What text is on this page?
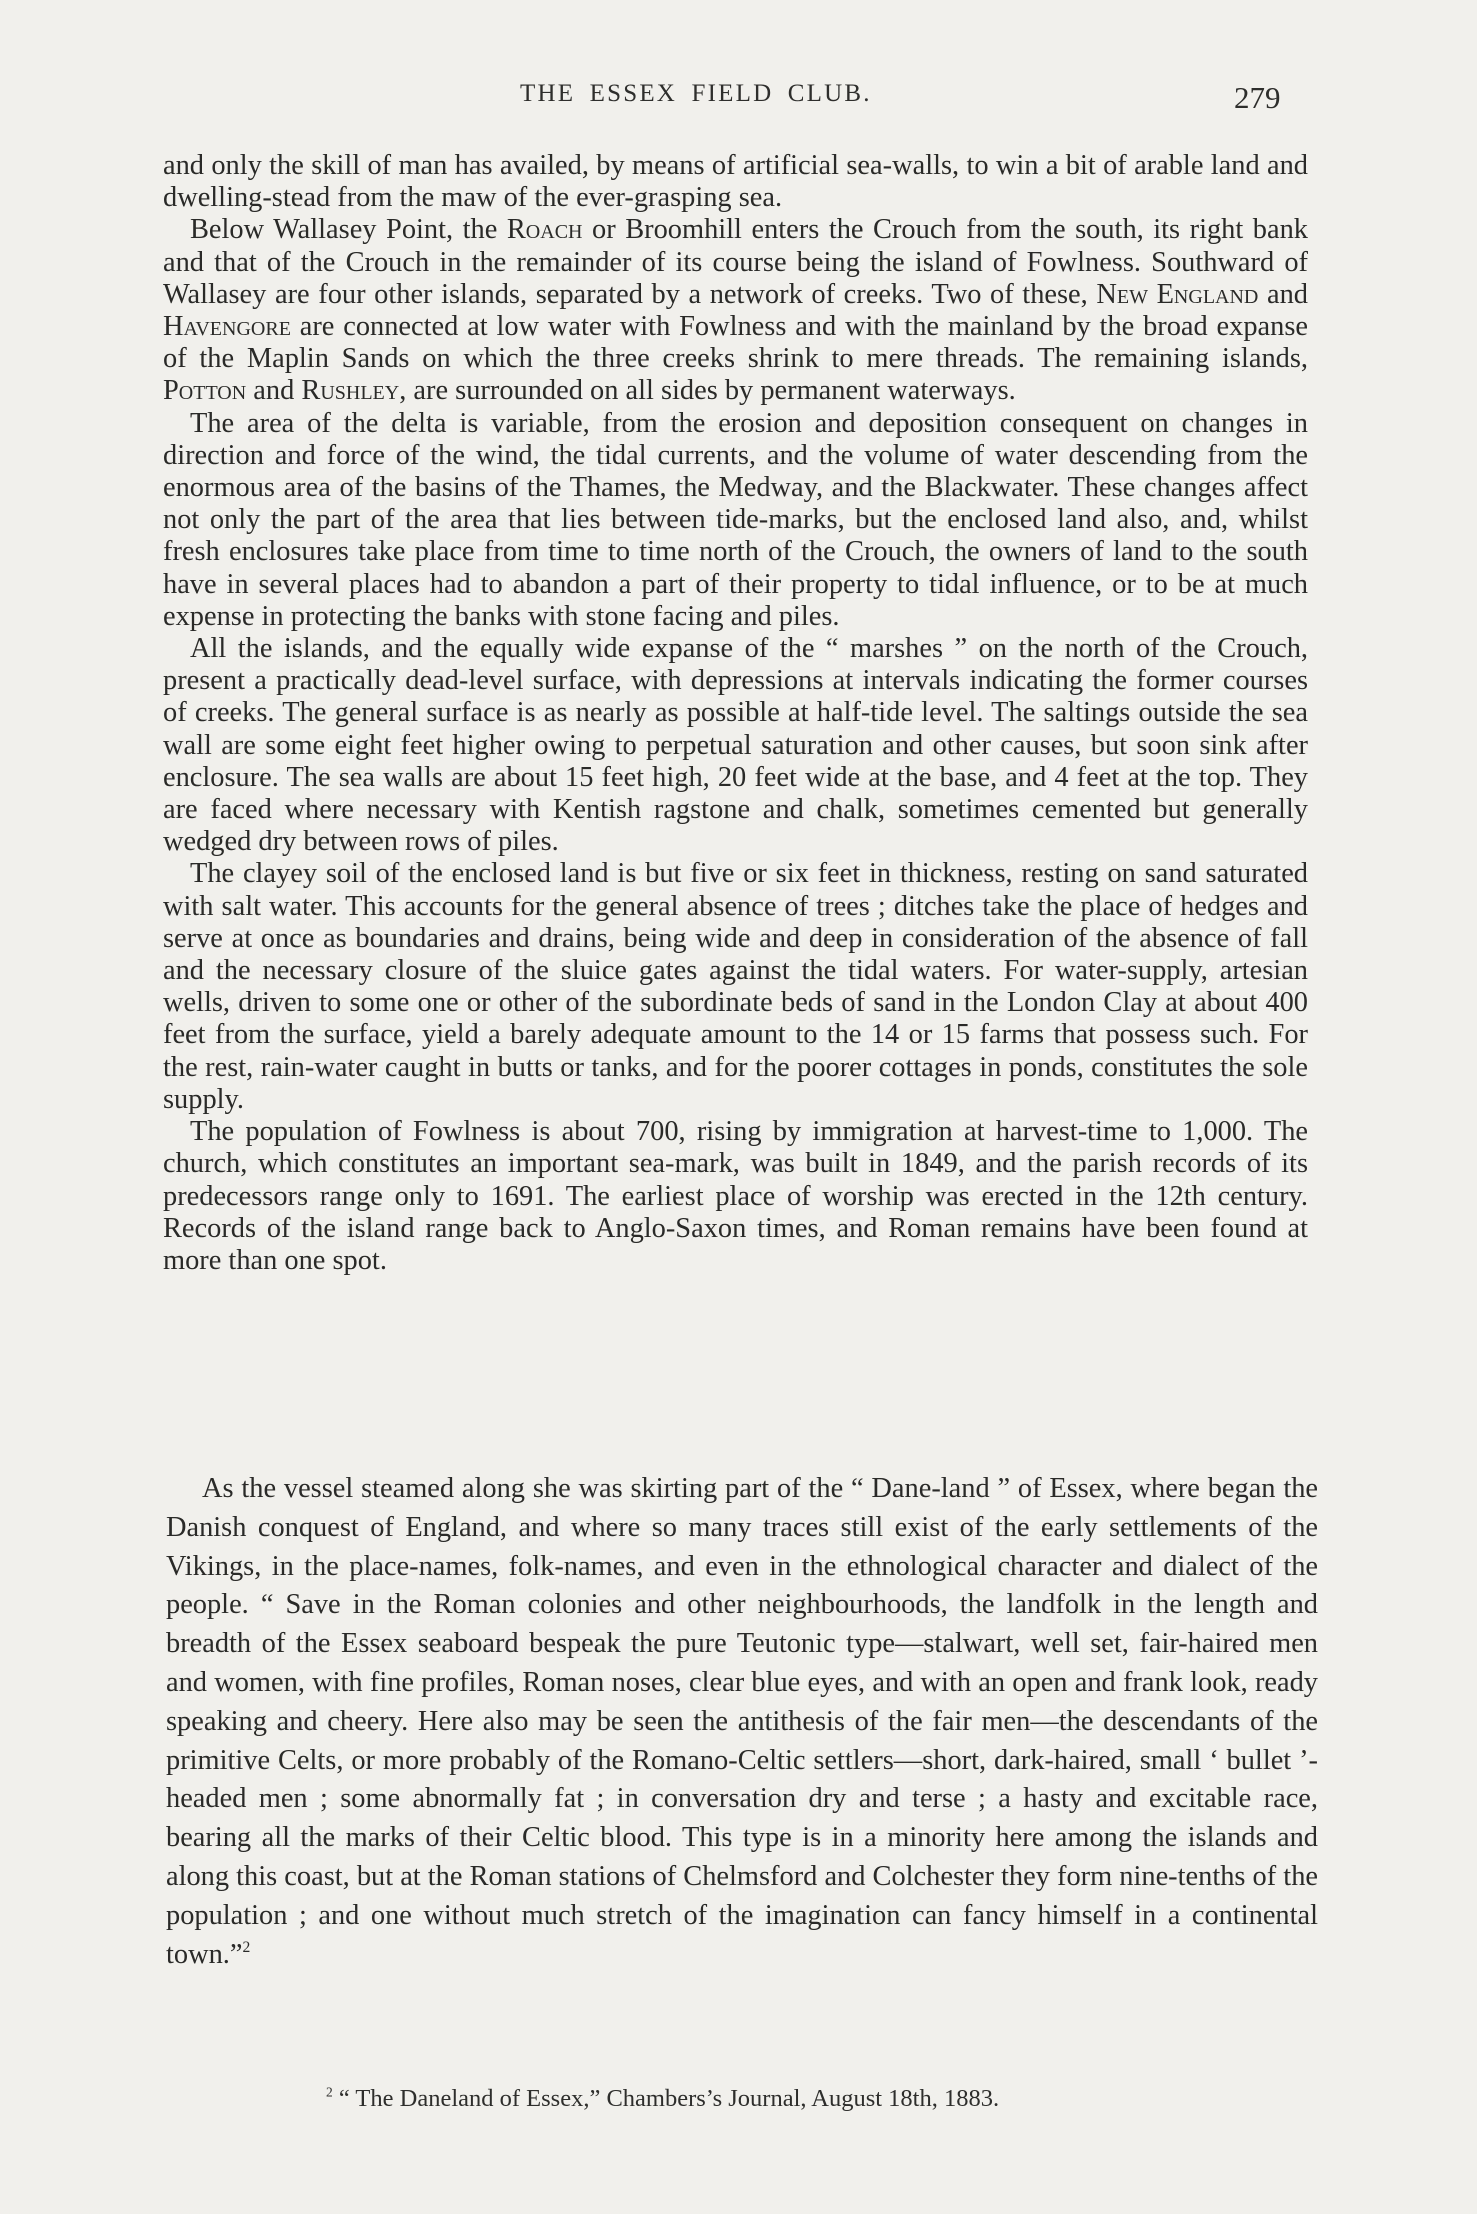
THE ESSEX FIELD CLUB.	279

and only the skill of man has availed, by means of artificial sea-walls, to win a bit of arable land and dwelling-stead from the maw of the ever-grasping sea.

Below Wallasey Point, the Roach or Broomhill enters the Crouch from the south, its right bank and that of the Crouch in the remainder of its course being the island of Fowlness. Southward of Wallasey are four other islands, separated by a network of creeks. Two of these, New England and Havengore are connected at low water with Fowlness and with the mainland by the broad expanse of the Maplin Sands on which the three creeks shrink to mere threads. The remaining islands, Potton and Rushley, are surrounded on all sides by permanent waterways.

The area of the delta is variable, from the erosion and deposition consequent on changes in direction and force of the wind, the tidal currents, and the volume of water descending from the enormous area of the basins of the Thames, the Medway, and the Blackwater. These changes affect not only the part of the area that lies between tide-marks, but the enclosed land also, and, whilst fresh enclosures take place from time to time north of the Crouch, the owners of land to the south have in several places had to abandon a part of their property to tidal influence, or to be at much expense in protecting the banks with stone facing and piles.

All the islands, and the equally wide expanse of the “ marshes ” on the north of the Crouch, present a practically dead-level surface, with depressions at intervals indicating the former courses of creeks. The general surface is as nearly as possible at half-tide level. The saltings outside the sea wall are some eight feet higher owing to perpetual saturation and other causes, but soon sink after enclosure. The sea walls are about 15 feet high, 20 feet wide at the base, and 4 feet at the top. They are faced where necessary with Kentish ragstone and chalk, sometimes cemented but generally wedged dry between rows of piles.

The clayey soil of the enclosed land is but five or six feet in thickness, resting on sand saturated with salt water. This accounts for the general absence of trees ; ditches take the place of hedges and serve at once as boundaries and drains, being wide and deep in consideration of the absence of fall and the necessary closure of the sluice gates against the tidal waters. For water-supply, artesian wells, driven to some one or other of the subordinate beds of sand in the London Clay at about 400 feet from the surface, yield a barely adequate amount to the 14 or 15 farms that possess such. For the rest, rain-water caught in butts or tanks, and for the poorer cottages in ponds, constitutes the sole supply.

The population of Fowlness is about 700, rising by immigration at harvest-time to 1,000. The church, which constitutes an important sea-mark, was built in 1849, and the parish records of its predecessors range only to 1691. The earliest place of worship was erected in the 12th century. Records of the island range back to Anglo-Saxon times, and Roman remains have been found at more than one spot.

As the vessel steamed along she was skirting part of the “ Dane-land ” of Essex, where began the Danish conquest of England, and where so many traces still exist of the early settlements of the Vikings, in the place-names, folk-names, and even in the ethnological character and dialect of the people. “ Save in the Roman colonies and other neighbourhoods, the landfolk in the length and breadth of the Essex seaboard bespeak the pure Teutonic type—stalwart, well set, fair-haired men and women, with fine profiles, Roman noses, clear blue eyes, and with an open and frank look, ready speaking and cheery. Here also may be seen the antithesis of the fair men—the descendants of the primitive Celts, or more probably of the Romano-Celtic settlers—short, dark-haired, small ‘ bullet ’-headed men ; some abnormally fat ; in conversation dry and terse ; a hasty and excitable race, bearing all the marks of their Celtic blood. This type is in a minority here among the islands and along this coast, but at the Roman stations of Chelmsford and Colchester they form nine-tenths of the population ; and one without much stretch of the imagination can fancy himself in a continental town.”$^2$

$^2$ “ The Daneland of Essex,” Chambers’s Journal, August 18th, 1883.
